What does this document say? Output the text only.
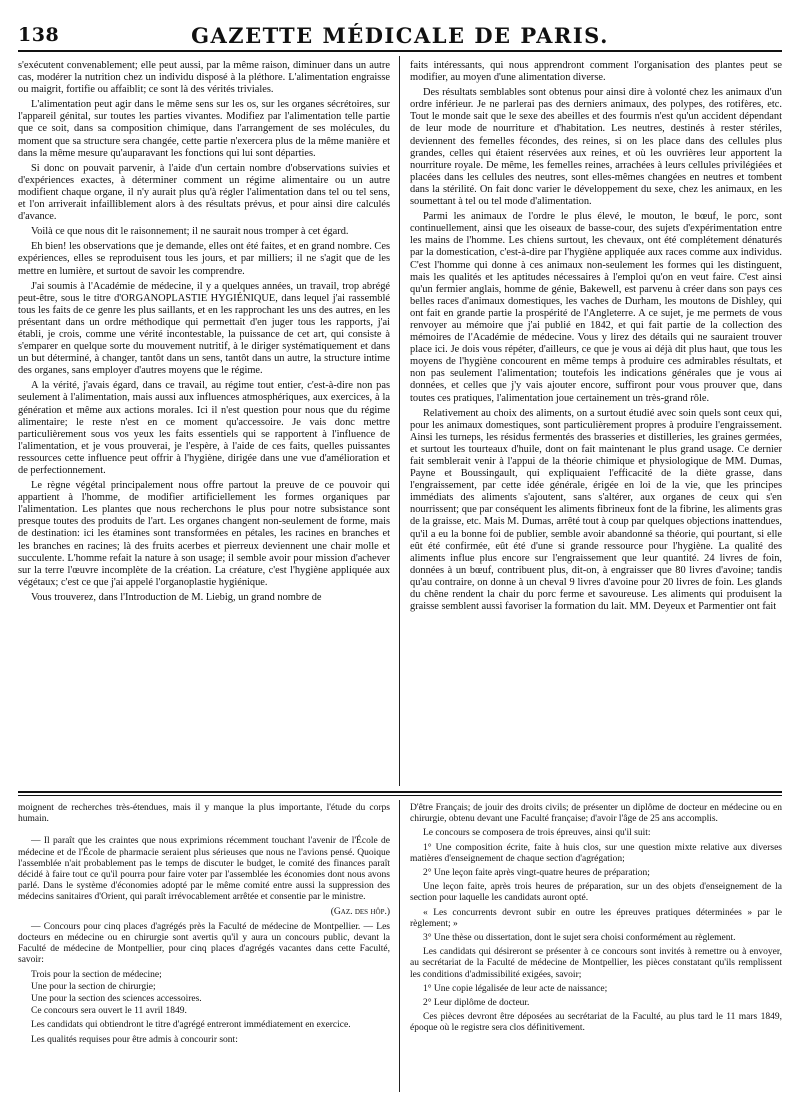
138	GAZETTE MÉDICALE DE PARIS.

s'exécutent convenablement; elle peut aussi, par la même raison, diminuer dans un autre cas, modérer la nutrition chez un individu disposé à la pléthore. L'alimentation engraisse ou maigrit, fortifie ou affaiblit; ce sont là des vérités triviales.

L'alimentation peut agir dans le même sens sur les os, sur les organes sécrétoires, sur l'appareil génital, sur toutes les parties vivantes. Modifiez par l'alimentation telle partie que ce soit, dans sa composition chimique, dans l'arrangement de ses molécules, du moment que sa structure sera changée, cette partie n'exercera plus de la même manière et dans la même mesure qu'auparavant les fonctions qui lui sont départies.

Si donc on pouvait parvenir, à l'aide d'un certain nombre d'observations suivies et d'expériences exactes, à déterminer comment un régime alimentaire ou un autre modifient chaque organe, il n'y aurait plus qu'à régler l'alimentation dans tel ou tel sens, et l'on arriverait infailliblement alors à des résultats prévus, et pour ainsi dire calculés d'avance.

Voilà ce que nous dit le raisonnement; il ne saurait nous tromper à cet égard.

Eh bien! les observations que je demande, elles ont été faites, et en grand nombre. Ces expériences, elles se reproduisent tous les jours, et par milliers; il ne s'agit que de les mettre en lumière, et surtout de savoir les comprendre.

J'ai soumis à l'Académie de médecine, il y a quelques années, un travail, trop abrégé peut-être, sous le titre d'ORGANOPLASTIE HYGIÉNIQUE, dans lequel j'ai rassemblé tous les faits de ce genre les plus saillants, et en les rapprochant les uns des autres, en les présentant dans un ordre méthodique qui permettait d'en juger tous les rapports, j'ai établi, je crois, comme une vérité incontestable, la puissance de cet art, qui consiste à s'emparer en quelque sorte du mouvement nutritif, à le diriger systématiquement et dans un but déterminé, à changer, tantôt dans un sens, tantôt dans un autre, la structure intime des organes, sans employer d'autres moyens que le régime.

A la vérité, j'avais égard, dans ce travail, au régime tout entier, c'est-à-dire non pas seulement à l'alimentation, mais aussi aux influences atmosphériques, aux exercices, à la génération et même aux actions morales. Ici il n'est question pour nous que du régime alimentaire; le reste n'est en ce moment qu'accessoire. Je vais donc mettre particulièrement sous vos yeux les faits essentiels qui se rapportent à l'influence de l'alimentation, et je vous prouverai, je l'espère, à l'aide de ces faits, quelles puissantes ressources cette influence peut offrir à l'hygiène, dirigée dans une vue d'amélioration et de perfectionnement.

Le règne végétal principalement nous offre partout la preuve de ce pouvoir qui appartient à l'homme, de modifier artificiellement les formes organiques par l'alimentation. Les plantes que nous recherchons le plus pour notre subsistance sont presque toutes des produits de l'art. Les organes changent non-seulement de forme, mais de destination: ici les étamines sont transformées en pétales, les racines en branches et les branches en racines; là des fruits acerbes et pierreux deviennent une chair molle et succulente. L'homme refait la nature à son usage; il semble avoir pour mission d'achever sur la terre l'œuvre incomplète de la création. La créature, c'est l'hygiène appliquée aux végétaux; c'est ce que j'ai appelé l'organoplastie hygiénique.

Vous trouverez, dans l'Introduction de M. Liebig, un grand nombre de

faits intéressants, qui nous apprendront comment l'organisation des plantes peut se modifier, au moyen d'une alimentation diverse.

Des résultats semblables sont obtenus pour ainsi dire à volonté chez les animaux d'un ordre inférieur. Je ne parlerai pas des derniers animaux, des polypes, des rotifères, etc. Tout le monde sait que le sexe des abeilles et des fourmis n'est qu'un accident dépendant de leur mode de nourriture et d'habitation. Les neutres, destinés à rester stériles, deviennent des femelles fécondes, des reines, si on les place dans des cellules plus grandes, celles qui étaient réservées aux reines, et où les ouvrières leur apportent la nourriture royale. De même, les femelles reines, arrachées à leurs cellules privilégiées et placées dans les cellules des neutres, sont elles-mêmes changées en neutres et tombent dans la stérilité. On fait donc varier le développement du sexe, chez les animaux, en les soumettant à tel ou tel mode d'alimentation.

Parmi les animaux de l'ordre le plus élevé, le mouton, le bœuf, le porc, sont continuellement, ainsi que les oiseaux de basse-cour, des sujets d'expérimentation entre les mains de l'homme. Les chiens surtout, les chevaux, ont été complétement dénaturés par la domestication, c'est-à-dire par l'hygiène appliquée aux races comme aux individus. C'est l'homme qui donne à ces animaux non-seulement les formes qui les distinguent, mais les qualités et les aptitudes nécessaires à l'emploi qu'on en veut faire. C'est ainsi qu'un fermier anglais, homme de génie, Bakewell, est parvenu à créer dans son pays ces belles races d'animaux domestiques, les vaches de Durham, les moutons de Dishley, qui ont fait en grande partie la prospérité de l'Angleterre. A ce sujet, je me permets de vous renvoyer au mémoire que j'ai publié en 1842, et qui fait partie de la collection des mémoires de l'Académie de médecine. Vous y lirez des détails qui ne sauraient trouver place ici. Je dois vous répéter, d'ailleurs, ce que je vous ai déjà dit plus haut, que tous les moyens de l'hygiène concourent en même temps à produire ces admirables résultats, et non pas seulement l'alimentation; toutefois les indications générales que je vous ai données, et celles que j'y vais ajouter encore, suffiront pour vous prouver que, dans toutes ces pratiques, l'alimentation joue certainement un très-grand rôle.

Relativement au choix des aliments, on a surtout étudié avec soin quels sont ceux qui, pour les animaux domestiques, sont particulièrement propres à produire l'engraissement. Ainsi les turneps, les résidus fermentés des brasseries et distilleries, les graines germées, et surtout les tourteaux d'huile, dont on fait maintenant le plus grand usage. Ce dernier fait semblerait venir à l'appui de la théorie chimique et physiologique de MM. Dumas, Payne et Boussingault, qui expliquaient l'efficacité de la diète grasse, dans l'engraissement, par cette idée générale, érigée en loi de la vie, que les principes immédiats des aliments s'ajoutent, sans s'altérer, aux organes de ceux qui s'en nourrissent; que par conséquent les aliments fibrineux font de la fibrine, les aliments gras de la graisse, etc. Mais M. Dumas, arrêté tout à coup par quelques objections inattendues, qu'il a eu la bonne foi de publier, semble avoir abandonné sa théorie, qui pourtant, si elle eût été confirmée, eût été d'une si grande ressource pour l'hygiène. La qualité des aliments influe plus encore sur l'engraissement que leur quantité. 24 livres de foin, données à un bœuf, contribuent plus, dit-on, à engraisser que 80 livres d'avoine; tandis qu'au contraire, on donne à un cheval 9 livres d'avoine pour 20 livres de foin. Les glands du chêne rendent la chair du porc ferme et savoureuse. Les aliments qui produisent la graisse semblent aussi favoriser la formation du lait. MM. Deyeux et Parmentier ont fait

moignent de recherches très-étendues, mais il y manque la plus importante, l'étude du corps humain.

— Il paraît que les craintes que nous exprimions récemment touchant l'avenir de l'École de médecine et de l'École de pharmacie seraient plus sérieuses que nous ne l'avions pensé. Quoique l'assemblée n'ait probablement pas le temps de discuter le budget, le comité des finances paraît décidé à faire tout ce qu'il pourra pour faire voter par l'assemblée les économies dont nous avons parlé. Dans le système d'économies adopté par le même comité entre aussi la suppression des médecins sanitaires d'Orient, qui paraît irrévocablement arrêtée et consentie par le ministre.

(Gaz. des hôp.)

— Concours pour cinq places d'agrégés près la Faculté de médecine de Montpellier. — Les docteurs en médecine ou en chirurgie sont avertis qu'il y aura un concours public, devant la Faculté de médecine de Montpellier, pour cinq places d'agrégés vacantes dans cette Faculté, savoir:

Trois pour la section de médecine;

Une pour la section de chirurgie;

Une pour la section des sciences accessoires.

Ce concours sera ouvert le 11 avril 1849.

Les candidats qui obtiendront le titre d'agrégé entreront immédiatement en exercice.

Les qualités requises pour être admis à concourir sont:

D'être Français; de jouir des droits civils; de présenter un diplôme de docteur en médecine ou en chirurgie, obtenu devant une Faculté française; d'avoir l'âge de 25 ans accomplis.

Le concours se composera de trois épreuves, ainsi qu'il suit:

1° Une composition écrite, faite à huis clos, sur une question mixte relative aux diverses matières d'enseignement de chaque section d'agrégation;

2° Une leçon faite après vingt-quatre heures de préparation;

Une leçon faite, après trois heures de préparation, sur un des objets d'enseignement de la section pour laquelle les candidats auront opté.

« Les concurrents devront subir en outre les épreuves pratiques déterminées » par le règlement; »

3° Une thèse ou dissertation, dont le sujet sera choisi conformément au règlement.

Les candidats qui désireront se présenter à ce concours sont invités à remettre ou à envoyer, au secrétariat de la Faculté de médecine de Montpellier, les pièces constatant qu'ils remplissent les conditions d'admissibilité exigées, savoir;

1° Une copie légalisée de leur acte de naissance;

2° Leur diplôme de docteur.

Ces pièces devront être déposées au secrétariat de la Faculté, au plus tard le 11 mars 1849, époque où le registre sera clos définitivement.
